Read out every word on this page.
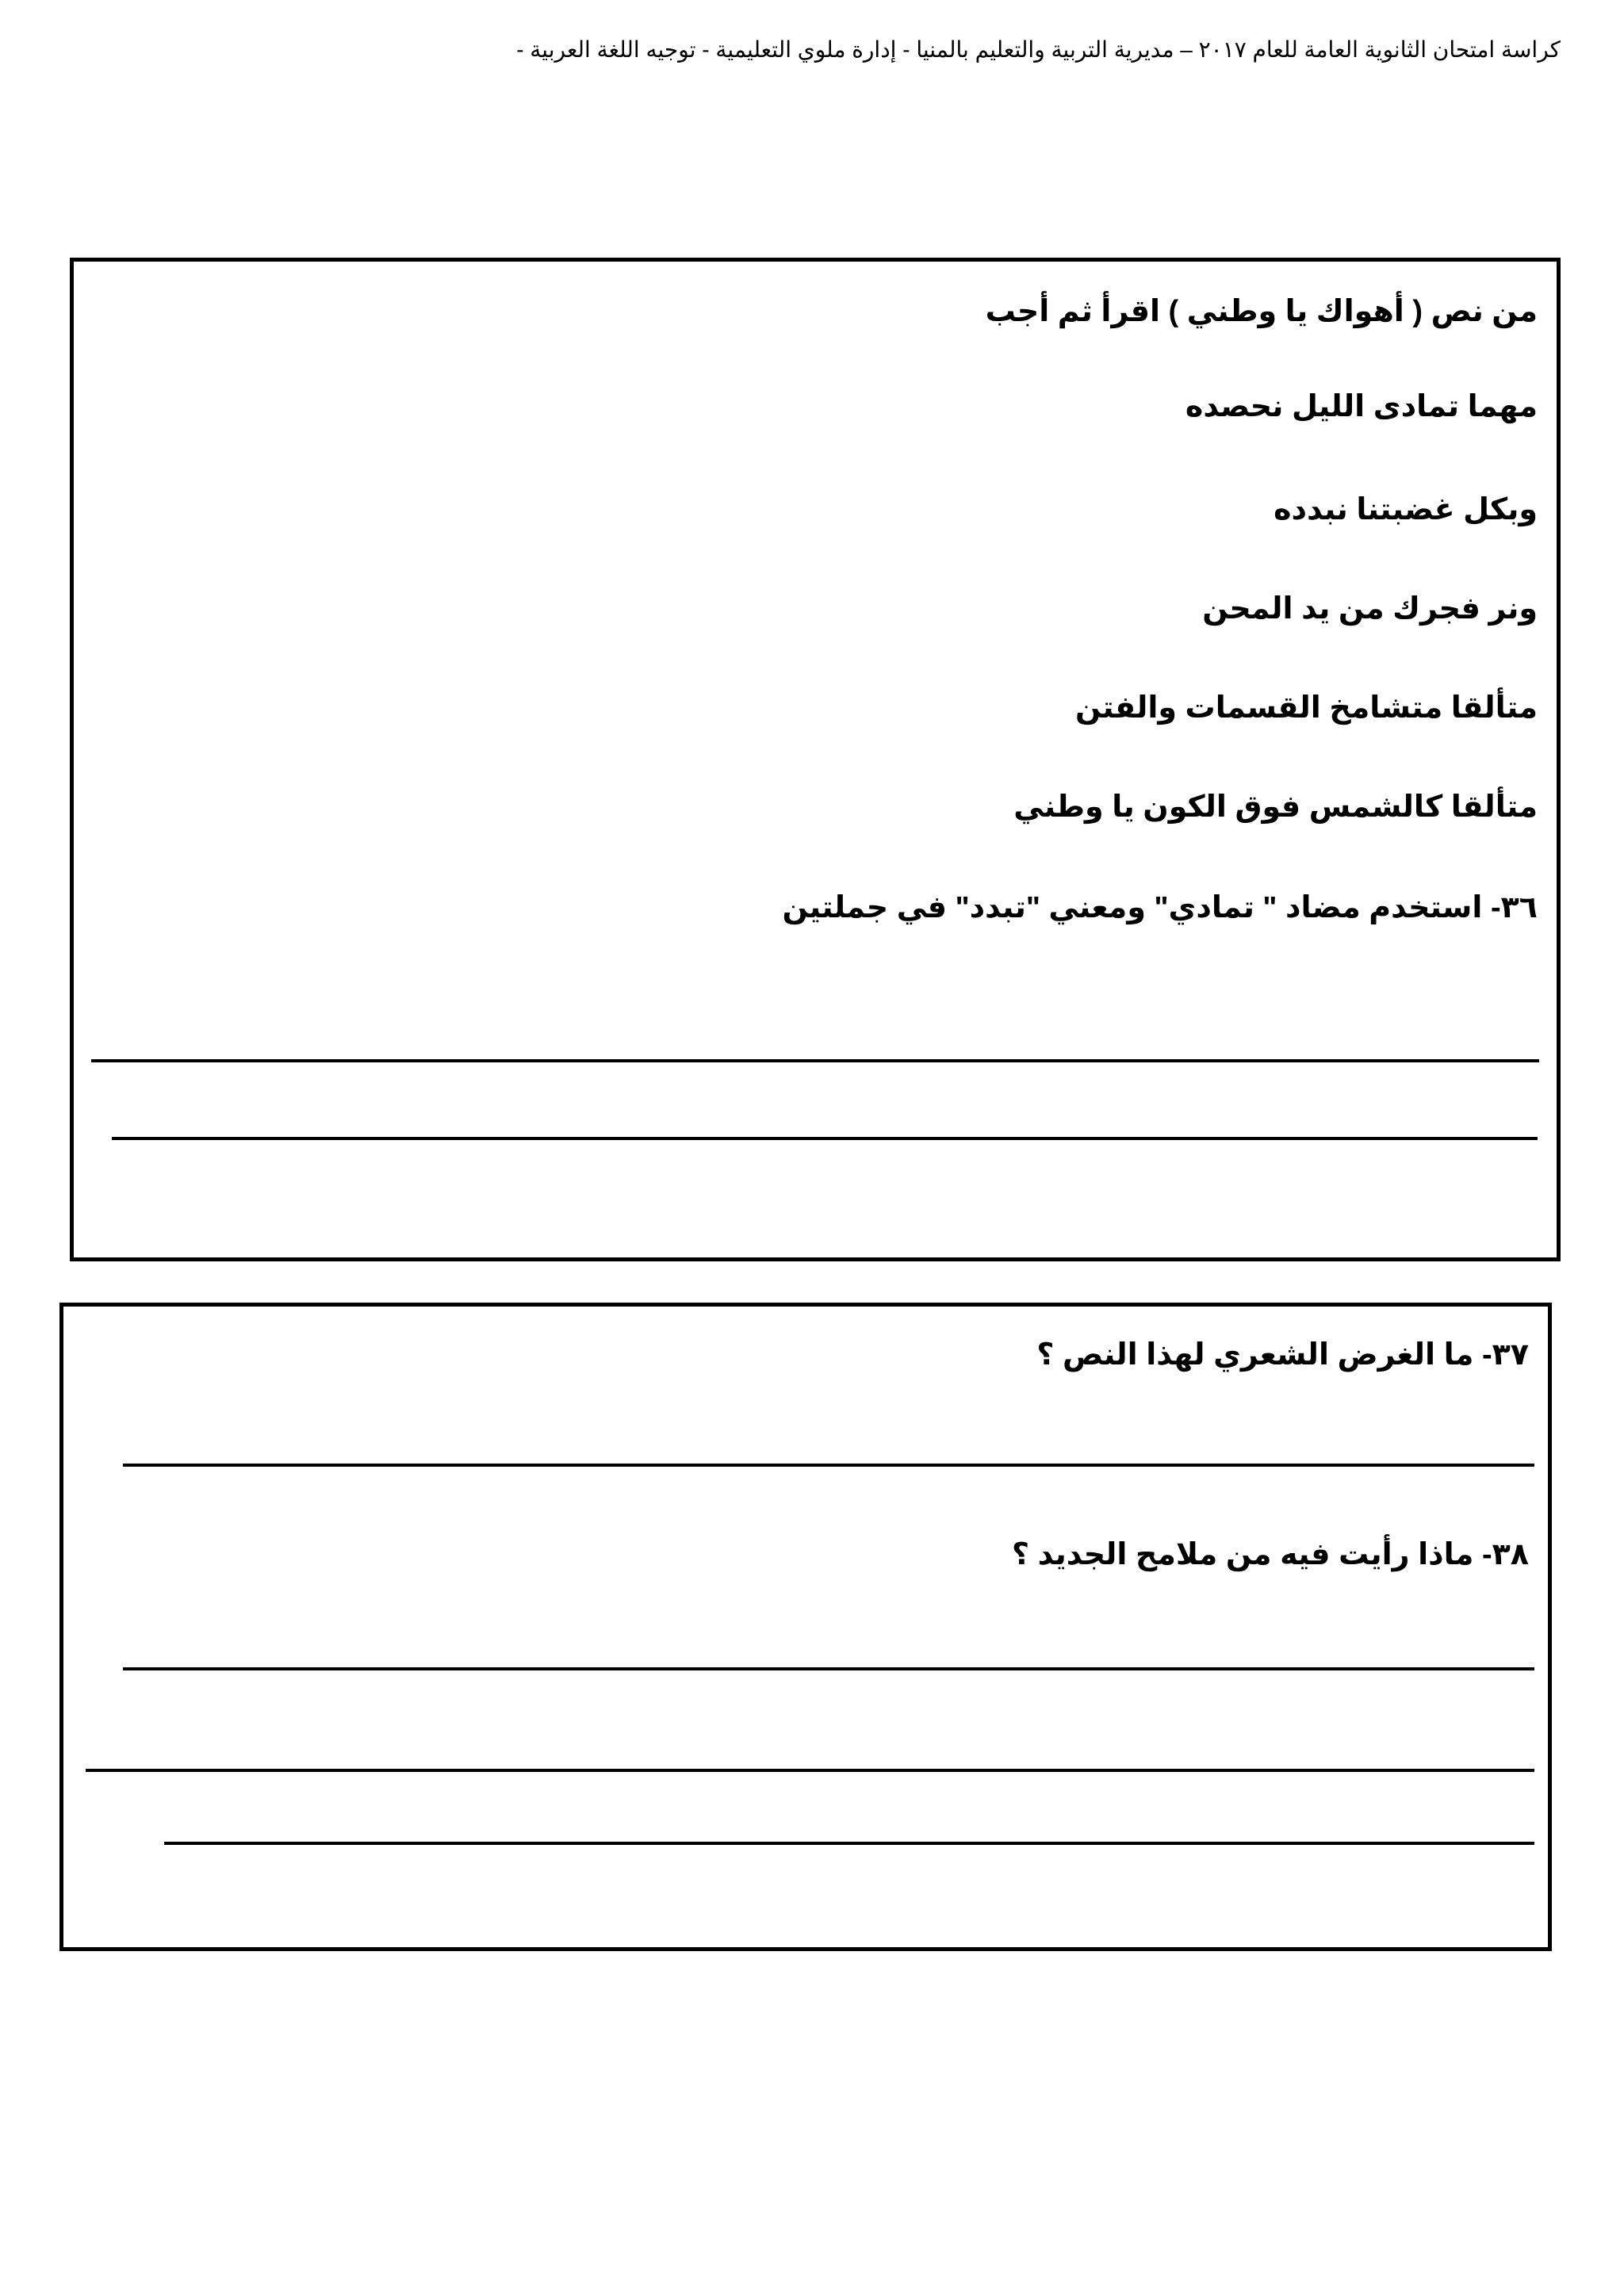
كراسة امتحان الثانوية العامة للعام ٢٠١٧ – مديرية التربية والتعليم بالمنيا - إدارة ملوي التعليمية - توجيه اللغة العربية -
من نص ( أهواك يا وطني ) اقرأ ثم أجب
مهما تمادى الليل نحصده
وبكل غضبتنا نبدده
ونر فجرك من يد المحن
متألقا متشامخ القسمات والفتن
متألقا كالشمس فوق الكون يا وطني
٣٦- استخدم مضاد " تمادي" ومعني "تبدد" في جملتين
٣٧- ما الغرض الشعري لهذا النص ؟
٣٨- ماذا رأيت فيه من ملامح الجديد ؟
